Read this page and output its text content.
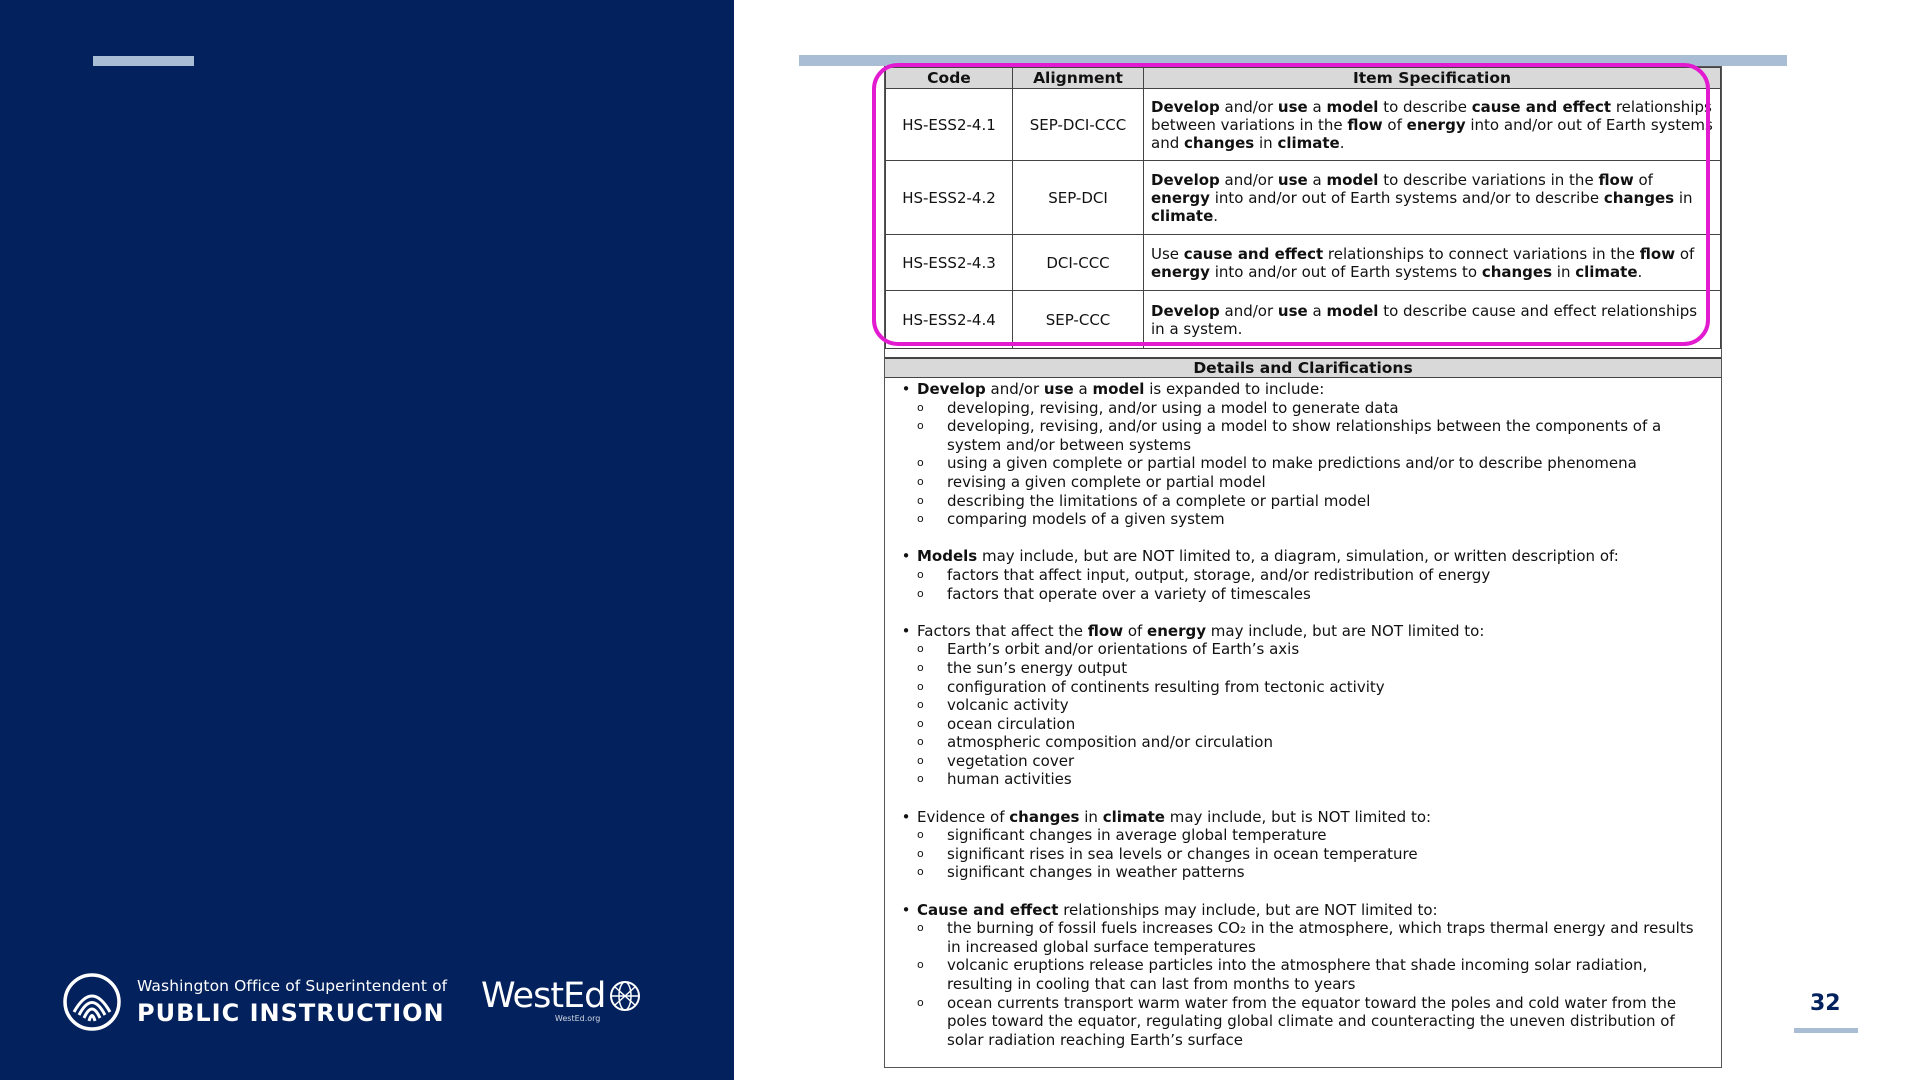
Washington Office of Superintendent of
PUBLIC INSTRUCTION WestEd
WestEd.org
Code	Alignment	Item Specification
HS-ESS2-4.1	SEP-DCI-CCC	Develop and/or use a model to describe cause and effect relationships between variations in the flow of energy into and/or out of Earth systems and changes in climate.
HS-ESS2-4.2	SEP-DCI	Develop and/or use a model to describe variations in the flow of energy into and/or out of Earth systems and/or to describe changes in climate.
HS-ESS2-4.3	DCI-CCC	Use cause and effect relationships to connect variations in the flow of energy into and/or out of Earth systems to changes in climate.
HS-ESS2-4.4	SEP-CCC	Develop and/or use a model to describe cause and effect relationships in a system.
Details and Clarifications
• Develop and/or use a model is expanded to include:
o	developing, revising, and/or using a model to generate data
o	developing, revising, and/or using a model to show relationships between the components of a system and/or between systems
o	using a given complete or partial model to make predictions and/or to describe phenomena
o	revising a given complete or partial model
o	describing the limitations of a complete or partial model
o	comparing models of a given system
• Models may include, but are NOT limited to, a diagram, simulation, or written description of:
o	factors that affect input, output, storage, and/or redistribution of energy
o	factors that operate over a variety of timescales
• Factors that affect the flow of energy may include, but are NOT limited to:
o	Earth’s orbit and/or orientations of Earth’s axis
o	the sun’s energy output
o	configuration of continents resulting from tectonic activity
o	volcanic activity
o	ocean circulation
o	atmospheric composition and/or circulation
o	vegetation cover
o	human activities
• Evidence of changes in climate may include, but is NOT limited to:
o	significant changes in average global temperature
o	significant rises in sea levels or changes in ocean temperature
o	significant changes in weather patterns
• Cause and effect relationships may include, but are NOT limited to:
o	the burning of fossil fuels increases CO₂ in the atmosphere, which traps thermal energy and results in increased global surface temperatures
o	volcanic eruptions release particles into the atmosphere that shade incoming solar radiation, resulting in cooling that can last from months to years
o	ocean currents transport warm water from the equator toward the poles and cold water from the poles toward the equator, regulating global climate and counteracting the uneven distribution of solar radiation reaching Earth’s surface
32
